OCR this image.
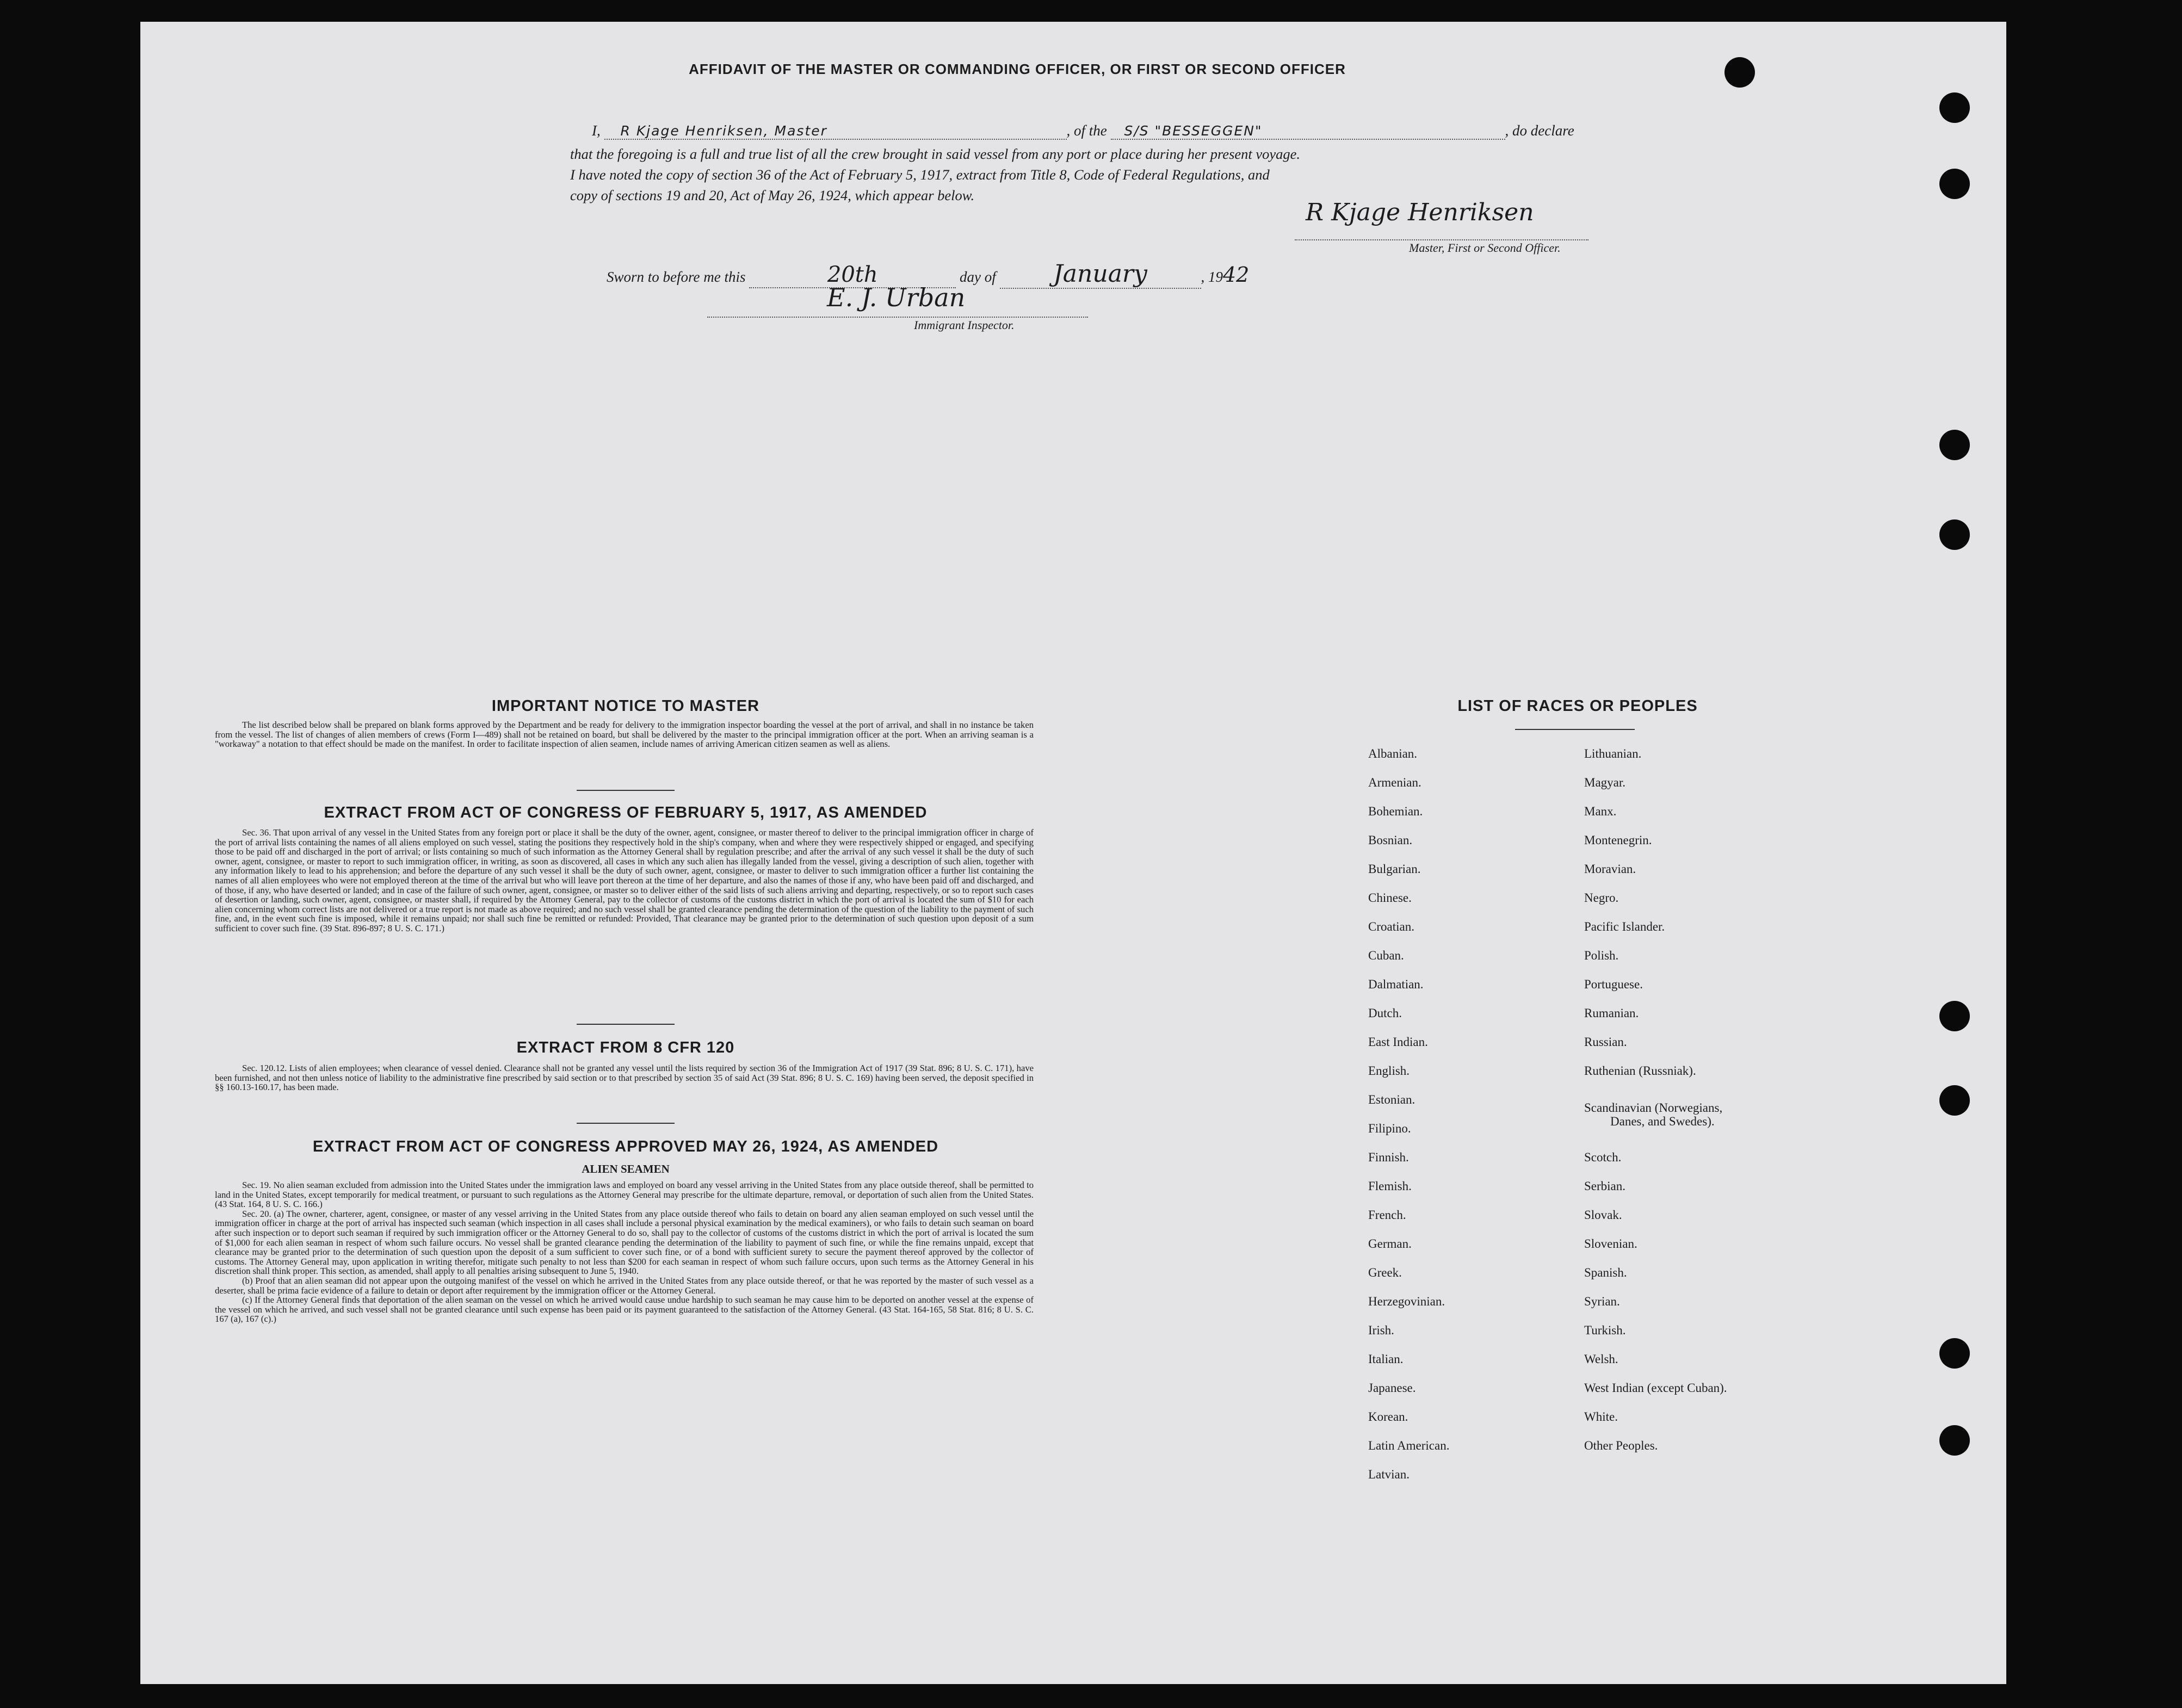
AFFIDAVIT OF THE MASTER OR COMMANDING OFFICER, OR FIRST OR SECOND OFFICER
I, R Kjage Henriksen, Master	, of the S/S "BESSEGGEN"	, do declare
that the foregoing is a full and true list of all the crew brought in said vessel from any port or place during her present voyage.
I have noted the copy of section 36 of the Act of February 5, 1917, extract from Title 8, Code of Federal Regulations, and
copy of sections 19 and 20, Act of May 26, 1924, which appear below.
R Kjage Henriksen
Master, First or Second Officer.
Sworn to before me this	20th	day of January	, 1942
E. J. Urban
Immigrant Inspector.
IMPORTANT NOTICE TO MASTER

The list described below shall be prepared on blank forms approved by the Department and be ready for delivery to the immigration inspector boarding the vessel at the port of arrival, and shall in no instance be taken from the vessel. The list of changes of alien members of crews (Form I—489) shall not be retained on board, but shall be delivered by the master to the principal immigration officer at the port. When an arriving seaman is a "workaway" a notation to that effect should be made on the manifest. In order to facilitate inspection of alien seamen, include names of arriving American citizen seamen as well as aliens.

EXTRACT FROM ACT OF CONGRESS OF FEBRUARY 5, 1917, AS AMENDED

Sec. 36. That upon arrival of any vessel in the United States from any foreign port or place it shall be the duty of the owner, agent, consignee, or master thereof to deliver to the principal immigration officer in charge of the port of arrival lists containing the names of all aliens employed on such vessel, stating the positions they respectively hold in the ship's company, when and where they were respectively shipped or engaged, and specifying those to be paid off and discharged in the port of arrival; or lists containing so much of such information as the Attorney General shall by regulation prescribe; and after the arrival of any such vessel it shall be the duty of such owner, agent, consignee, or master to report to such immigration officer, in writing, as soon as discovered, all cases in which any such alien has illegally landed from the vessel, giving a description of such alien, together with any information likely to lead to his apprehension; and before the departure of any such vessel it shall be the duty of such owner, agent, consignee, or master to deliver to such immigration officer a further list containing the names of all alien employees who were not employed thereon at the time of the arrival but who will leave port thereon at the time of her departure, and also the names of those if any, who have been paid off and discharged, and of those, if any, who have deserted or landed; and in case of the failure of such owner, agent, consignee, or master so to deliver either of the said lists of such aliens arriving and departing, respectively, or so to report such cases of desertion or landing, such owner, agent, consignee, or master shall, if required by the Attorney General, pay to the collector of customs of the customs district in which the port of arrival is located the sum of $10 for each alien concerning whom correct lists are not delivered or a true report is not made as above required; and no such vessel shall be granted clearance pending the determination of the question of the liability to the payment of such fine, and, in the event such fine is imposed, while it remains unpaid; nor shall such fine be remitted or refunded: Provided, That clearance may be granted prior to the determination of such question upon deposit of a sum sufficient to cover such fine. (39 Stat. 896-897; 8 U. S. C. 171.)

EXTRACT FROM 8 CFR 120

Sec. 120.12. Lists of alien employees; when clearance of vessel denied. Clearance shall not be granted any vessel until the lists required by section 36 of the Immigration Act of 1917 (39 Stat. 896; 8 U. S. C. 171), have been furnished, and not then unless notice of liability to the administrative fine prescribed by said section or to that prescribed by section 35 of said Act (39 Stat. 896; 8 U. S. C. 169) having been served, the deposit specified in §§ 160.13-160.17, has been made.

EXTRACT FROM ACT OF CONGRESS APPROVED MAY 26, 1924, AS AMENDED
ALIEN SEAMEN

Sec. 19. No alien seaman excluded from admission into the United States under the immigration laws and employed on board any vessel arriving in the United States from any place outside thereof, shall be permitted to land in the United States, except temporarily for medical treatment, or pursuant to such regulations as the Attorney General may prescribe for the ultimate departure, removal, or deportation of such alien from the United States. (43 Stat. 164, 8 U. S. C. 166.)

Sec. 20. (a) The owner, charterer, agent, consignee, or master of any vessel arriving in the United States from any place outside thereof who fails to detain on board any alien seaman employed on such vessel until the immigration officer in charge at the port of arrival has inspected such seaman (which inspection in all cases shall include a personal physical examination by the medical examiners), or who fails to detain such seaman on board after such inspection or to deport such seaman if required by such immigration officer or the Attorney General to do so, shall pay to the collector of customs of the customs district in which the port of arrival is located the sum of $1,000 for each alien seaman in respect of whom such failure occurs. No vessel shall be granted clearance pending the determination of the liability to payment of such fine, or while the fine remains unpaid, except that clearance may be granted prior to the determination of such question upon the deposit of a sum sufficient to cover such fine, or of a bond with sufficient surety to secure the payment thereof approved by the collector of customs. The Attorney General may, upon application in writing therefor, mitigate such penalty to not less than $200 for each seaman in respect of whom such failure occurs, upon such terms as the Attorney General in his discretion shall think proper. This section, as amended, shall apply to all penalties arising subsequent to June 5, 1940.

(b) Proof that an alien seaman did not appear upon the outgoing manifest of the vessel on which he arrived in the United States from any place outside thereof, or that he was reported by the master of such vessel as a deserter, shall be prima facie evidence of a failure to detain or deport after requirement by the immigration officer or the Attorney General.

(c) If the Attorney General finds that deportation of the alien seaman on the vessel on which he arrived would cause undue hardship to such seaman he may cause him to be deported on another vessel at the expense of the vessel on which he arrived, and such vessel shall not be granted clearance until such expense has been paid or its payment guaranteed to the satisfaction of the Attorney General. (43 Stat. 164-165, 58 Stat. 816; 8 U. S. C. 167 (a), 167 (c).)

LIST OF RACES OR PEOPLES
Albanian.
Armenian.
Bohemian.
Bosnian.
Bulgarian.
Chinese.
Croatian.
Cuban.
Dalmatian.
Dutch.
East Indian.
English.
Estonian.
Filipino.
Finnish.
Flemish.
French.
German.
Greek.
Herzegovinian.
Irish.
Italian.
Japanese.
Korean.
Latin American.
Latvian.
Lithuanian.
Magyar.
Manx.
Montenegrin.
Moravian.
Negro.
Pacific Islander.
Polish.
Portuguese.
Rumanian.
Russian.
Ruthenian (Russniak).
Scandinavian (Norwegians,
Danes, and Swedes).
Scotch.
Serbian.
Slovak.
Slovenian.
Spanish.
Syrian.
Turkish.
Welsh.
West Indian (except Cuban).
White.
Other Peoples.
